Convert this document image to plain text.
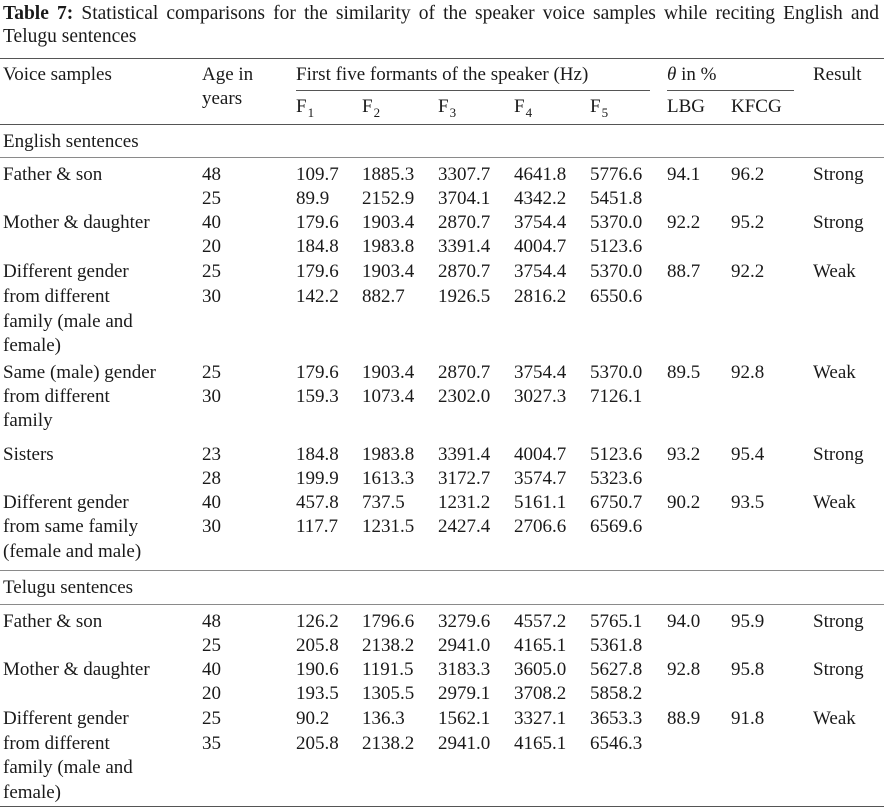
Table 7: Statistical comparisons for the similarity of the speaker voice samples while reciting English and Telugu sentences
Voice samples	Age in
years
First five formants of the speaker (Hz)	θ in %	Result
$F_1$	$F_2$	$F_3$	$F_4$	$F_5$	LBG KFCG
English sentences
Father & son	48	109.7 1885.3 3307.7 4641.8 5776.6 94.1 96.2	Strong
25	89.9 2152.9 3704.1 4342.2 5451.8
Mother & daughter	40	179.6 1903.4 2870.7 3754.4 5370.0 92.2 95.2	Strong
20	184.8 1983.8 3391.4 4004.7 5123.6
Different gender
from different
family (male and
female)
25	179.6 1903.4 2870.7 3754.4 5370.0 88.7 92.2	Weak
30	142.2 882.7 1926.5 2816.2 6550.6
Same (male) gender
from different
family
25	179.6 1903.4 2870.7 3754.4 5370.0 89.5 92.8	Weak
30	159.3 1073.4 2302.0 3027.3 7126.1
Sisters	23	184.8 1983.8 3391.4 4004.7 5123.6 93.2 95.4	Strong
28	199.9 1613.3 3172.7 3574.7 5323.6
Different gender
from same family
(female and male)
40	457.8 737.5 1231.2 5161.1 6750.7 90.2 93.5	Weak
30	117.7 1231.5 2427.4 2706.6 6569.6
Telugu sentences
Father & son	48	126.2 1796.6 3279.6 4557.2 5765.1 94.0 95.9	Strong
25	205.8 2138.2 2941.0 4165.1 5361.8
Mother & daughter	40	190.6 1191.5 3183.3 3605.0 5627.8 92.8 95.8	Strong
20	193.5 1305.5 2979.1 3708.2 5858.2
Different gender
from different
family (male and
female)
25	90.2 136.3 1562.1 3327.1 3653.3 88.9 91.8	Weak
35	205.8 2138.2 2941.0 4165.1 6546.3
